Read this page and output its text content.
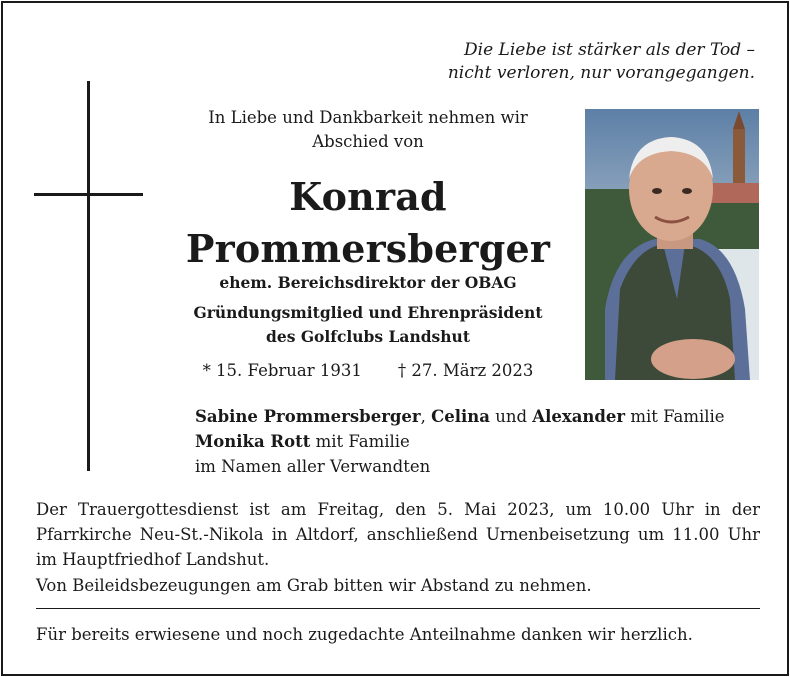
Die Liebe ist stärker als der Tod –
nicht verloren, nur vorangegangen.
In Liebe und Dankbarkeit nehmen wir
Abschied von
Konrad
Prommersberger
ehem. Bereichsdirektor der OBAG
Gründungsmitglied und Ehrenpräsident
des Golfclubs Landshut
* 15. Februar 1931 † 27. März 2023
Sabine Prommersberger, Celina und Alexander mit Familie
Monika Rott mit Familie
im Namen aller Verwandten
Der Trauergottesdienst ist am Freitag, den 5. Mai 2023, um 10.00 Uhr in der Pfarrkirche Neu-St.-Nikola in Altdorf, anschließend Urnenbeisetzung um 11.00 Uhr im Hauptfriedhof Landshut.
Von Beileidsbezeugungen am Grab bitten wir Abstand zu nehmen.
Für bereits erwiesene und noch zugedachte Anteilnahme danken wir herzlich.
